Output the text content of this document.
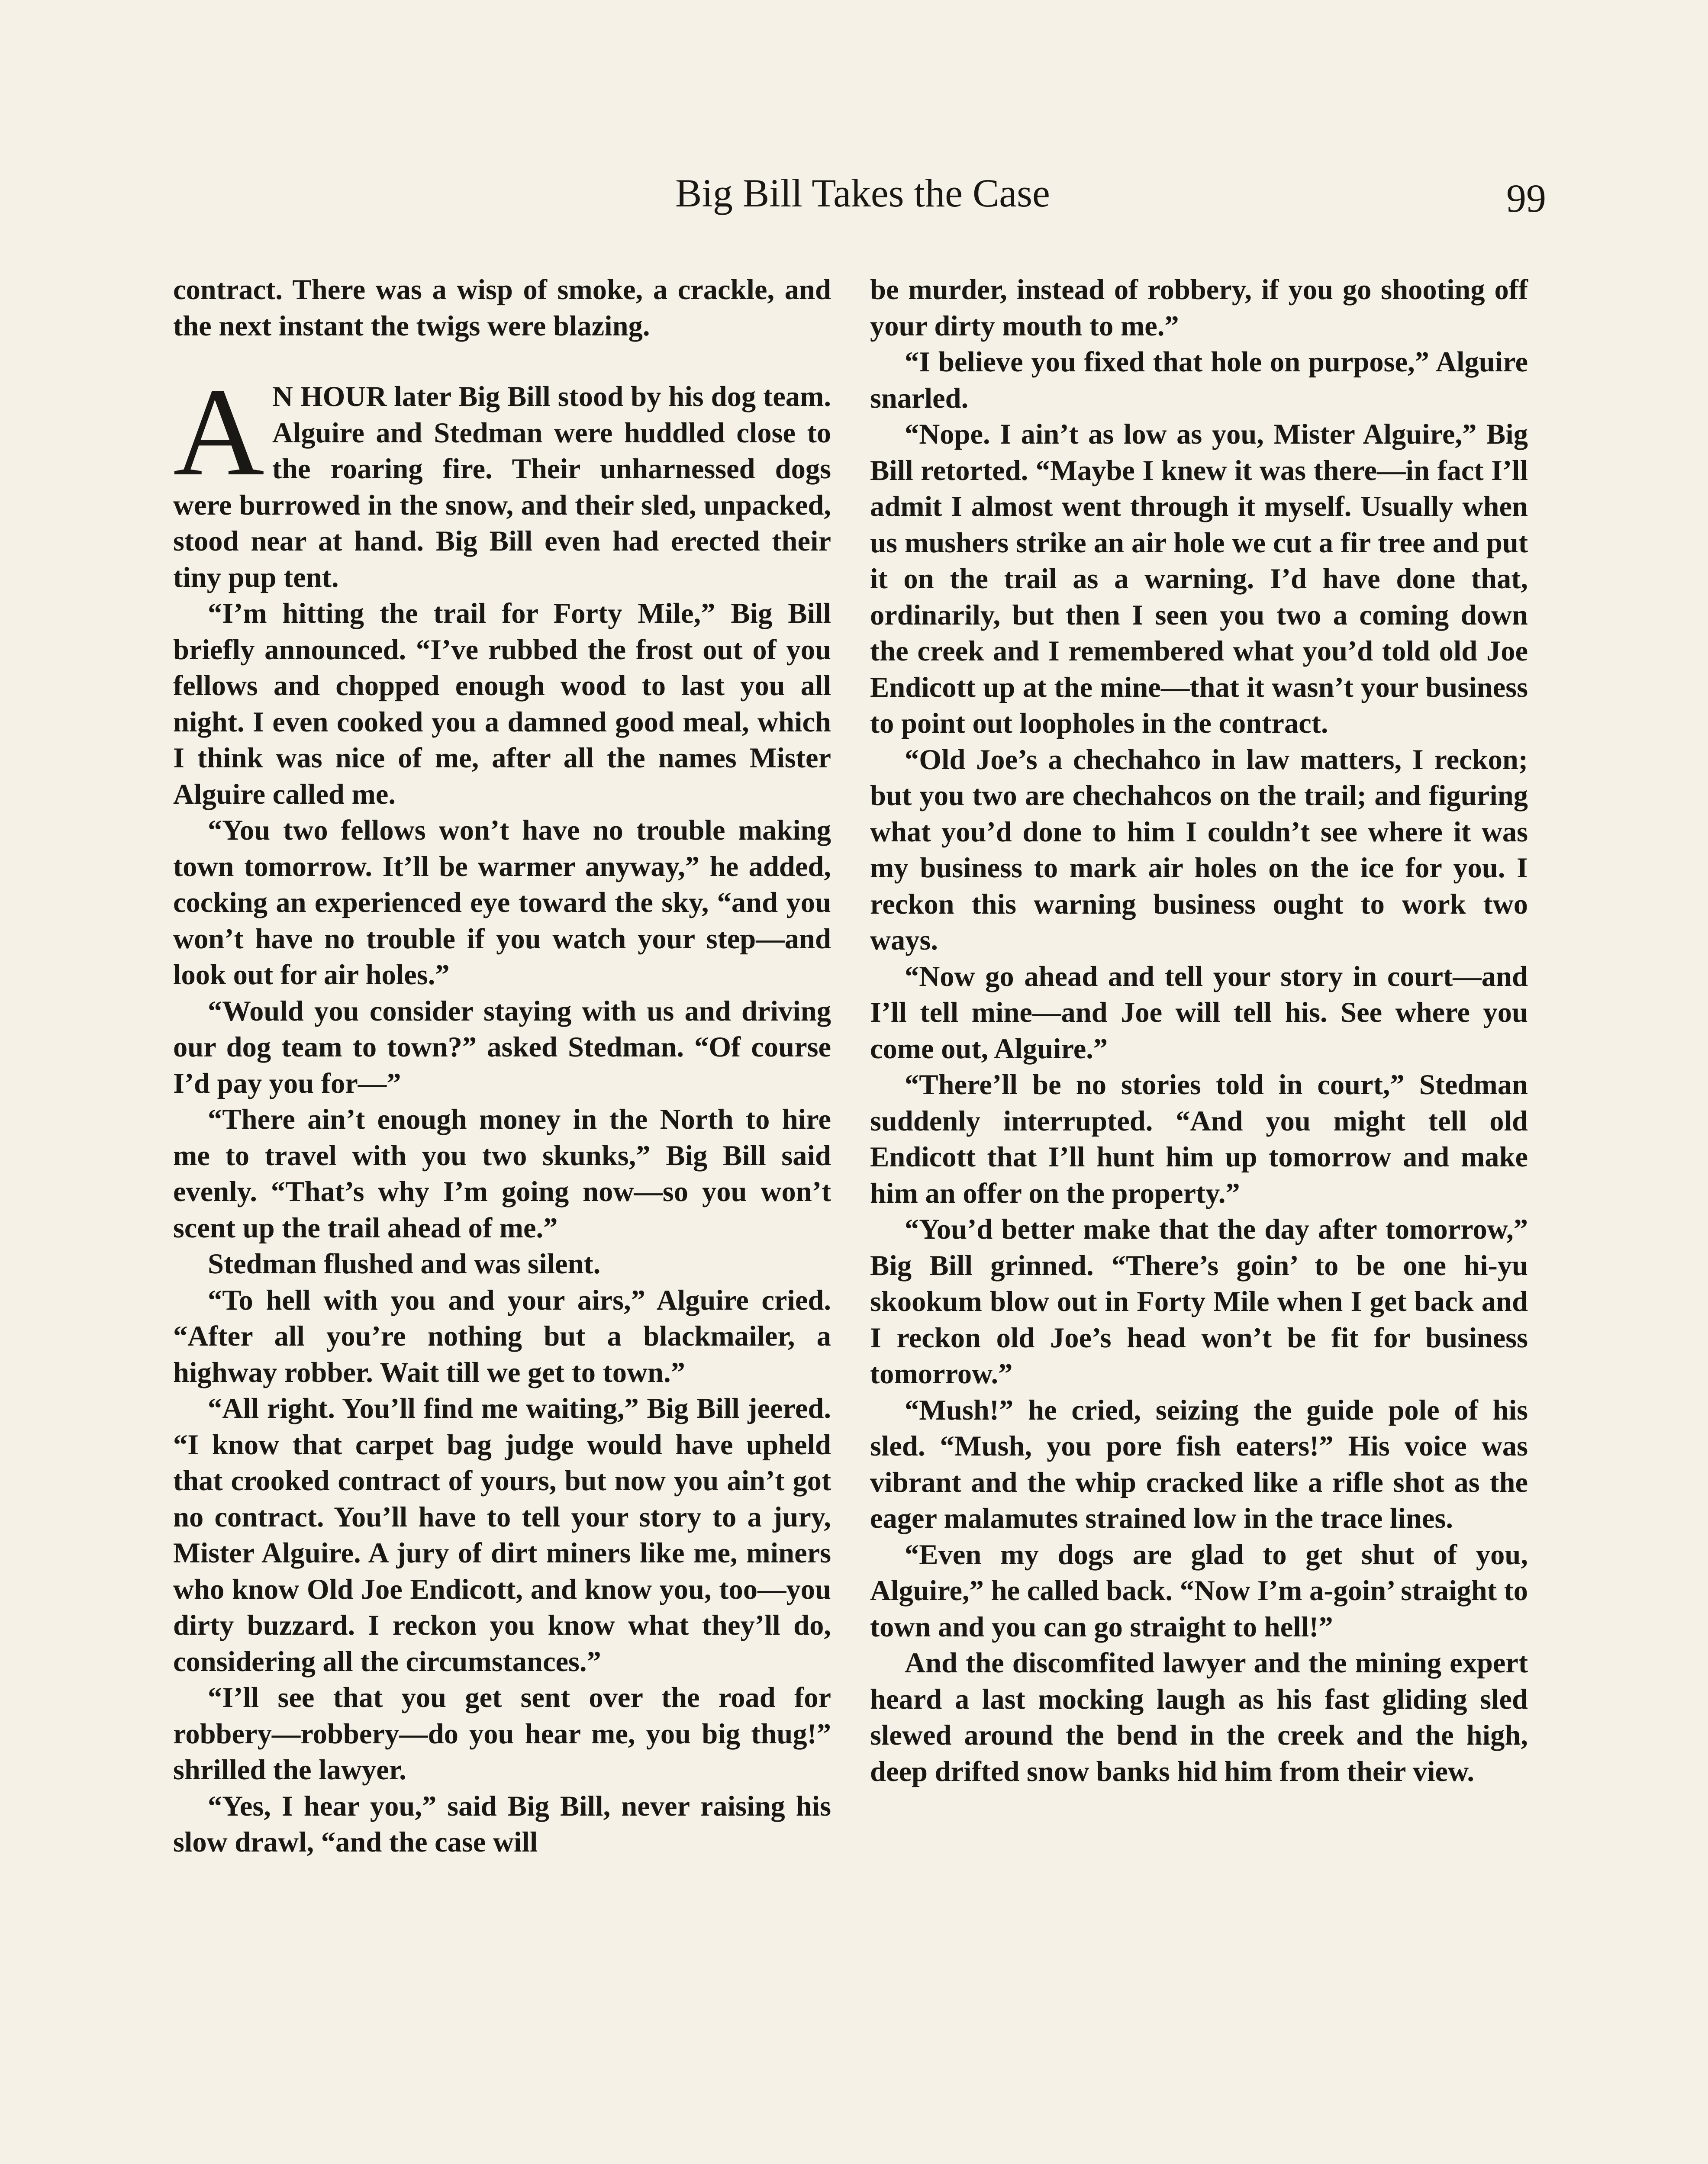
Big Bill Takes the Case	99

contract. There was a wisp of smoke, a crackle, and the next instant the twigs were blazing.

A N HOUR later Big Bill stood by his dog team. Alguire and Stedman were huddled close to the roaring fire. Their unharnessed dogs were burrowed in the snow, and their sled, unpacked, stood near at hand. Big Bill even had erected their tiny pup tent.

“I’m hitting the trail for Forty Mile,” Big Bill briefly announced. “I’ve rubbed the frost out of you fellows and chopped enough wood to last you all night. I even cooked you a damned good meal, which I think was nice of me, after all the names Mister Alguire called me.

“You two fellows won’t have no trouble making town tomorrow. It’ll be warmer anyway,” he added, cocking an experienced eye toward the sky, “and you won’t have no trouble if you watch your step—and look out for air holes.”

“Would you consider staying with us and driving our dog team to town?” asked Stedman. “Of course I’d pay you for—”

“There ain’t enough money in the North to hire me to travel with you two skunks,” Big Bill said evenly. “That’s why I’m going now—so you won’t scent up the trail ahead of me.”

Stedman flushed and was silent.

“To hell with you and your airs,” Alguire cried. “After all you’re nothing but a blackmailer, a highway robber. Wait till we get to town.”

“All right. You’ll find me waiting,” Big Bill jeered. “I know that carpet bag judge would have upheld that crooked contract of yours, but now you ain’t got no contract. You’ll have to tell your story to a jury, Mister Alguire. A jury of dirt miners like me, miners who know Old Joe Endicott, and know you, too—you dirty buzzard. I reckon you know what they’ll do, considering all the circumstances.”

“I’ll see that you get sent over the road for robbery—robbery—do you hear me, you big thug!” shrilled the lawyer.

“Yes, I hear you,” said Big Bill, never raising his slow drawl, “and the case will

be murder, instead of robbery, if you go shooting off your dirty mouth to me.”

“I believe you fixed that hole on purpose,” Alguire snarled.

“Nope. I ain’t as low as you, Mister Alguire,” Big Bill retorted. “Maybe I knew it was there—in fact I’ll admit I almost went through it myself. Usually when us mushers strike an air hole we cut a fir tree and put it on the trail as a warning. I’d have done that, ordinarily, but then I seen you two a coming down the creek and I remembered what you’d told old Joe Endicott up at the mine—that it wasn’t your business to point out loopholes in the contract.

“Old Joe’s a chechahco in law matters, I reckon; but you two are chechahcos on the trail; and figuring what you’d done to him I couldn’t see where it was my business to mark air holes on the ice for you. I reckon this warning business ought to work two ways.

“Now go ahead and tell your story in court—and I’ll tell mine—and Joe will tell his. See where you come out, Alguire.”

“There’ll be no stories told in court,” Stedman suddenly interrupted. “And you might tell old Endicott that I’ll hunt him up tomorrow and make him an offer on the property.”

“You’d better make that the day after tomorrow,” Big Bill grinned. “There’s goin’ to be one hi-yu skookum blow out in Forty Mile when I get back and I reckon old Joe’s head won’t be fit for business tomorrow.”

“Mush!” he cried, seizing the guide pole of his sled. “Mush, you pore fish eaters!” His voice was vibrant and the whip cracked like a rifle shot as the eager malamutes strained low in the trace lines.

“Even my dogs are glad to get shut of you, Alguire,” he called back. “Now I’m a-goin’ straight to town and you can go straight to hell!”

And the discomfited lawyer and the mining expert heard a last mocking laugh as his fast gliding sled slewed around the bend in the creek and the high, deep drifted snow banks hid him from their view.
